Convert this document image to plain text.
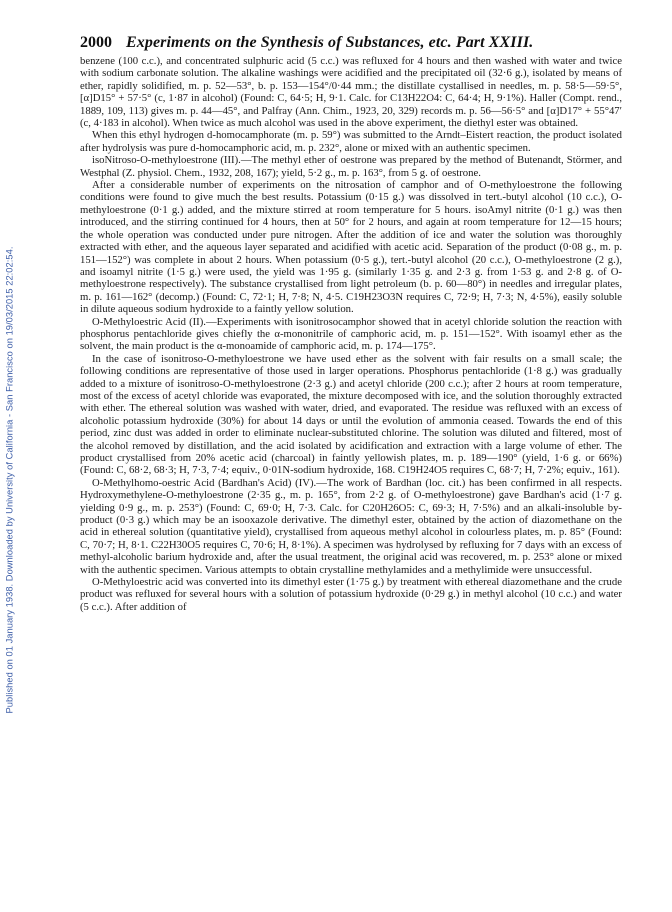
Published on 01 January 1938. Downloaded by University of California - San Francisco on 19/03/2015 22:02:54.
2000 Experiments on the Synthesis of Substances, etc. Part XXIII.

benzene (100 c.c.), and concentrated sulphuric acid (5 c.c.) was refluxed for 4 hours and then washed with water and twice with sodium carbonate solution. The alkaline washings were acidified and the precipitated oil (32·6 g.), isolated by means of ether, rapidly solidified, m. p. 52—53°, b. p. 153—154°/0·44 mm.; the distillate cystallised in needles, m. p. 58·5—59·5°, [α]D15° + 57·5° (c, 1·87 in alcohol) (Found: C, 64·5; H, 9·1. Calc. for C13H22O4: C, 64·4; H, 9·1%). Haller (Compt. rend., 1889, 109, 113) gives m. p. 44—45°, and Palfray (Ann. Chim., 1923, 20, 329) records m. p. 56—56·5° and [α]D17° + 55°47′ (c, 4·183 in alcohol). When twice as much alcohol was used in the above experiment, the diethyl ester was obtained.

When this ethyl hydrogen d-homocamphorate (m. p. 59°) was submitted to the Arndt–Eistert reaction, the product isolated after hydrolysis was pure d-homocamphoric acid, m. p. 232°, alone or mixed with an authentic specimen.

isoNitroso-O-methyloestrone (III).—The methyl ether of oestrone was prepared by the method of Butenandt, Störmer, and Westphal (Z. physiol. Chem., 1932, 208, 167); yield, 5·2 g., m. p. 163°, from 5 g. of oestrone.

After a considerable number of experiments on the nitrosation of camphor and of O-methyloestrone the following conditions were found to give much the best results. Potassium (0·15 g.) was dissolved in tert.-butyl alcohol (10 c.c.), O-methyloestrone (0·1 g.) added, and the mixture stirred at room temperature for 5 hours. isoAmyl nitrite (0·1 g.) was then introduced, and the stirring continued for 4 hours, then at 50° for 2 hours, and again at room temperature for 12—15 hours; the whole operation was conducted under pure nitrogen. After the addition of ice and water the solution was thoroughly extracted with ether, and the aqueous layer separated and acidified with acetic acid. Separation of the product (0·08 g., m. p. 151—152°) was complete in about 2 hours. When potassium (0·5 g.), tert.-butyl alcohol (20 c.c.), O-methyloestrone (2 g.), and isoamyl nitrite (1·5 g.) were used, the yield was 1·95 g. (similarly 1·35 g. and 2·3 g. from 1·53 g. and 2·8 g. of O-methyloestrone respectively). The substance crystallised from light petroleum (b. p. 60—80°) in needles and irregular plates, m. p. 161—162° (decomp.) (Found: C, 72·1; H, 7·8; N, 4·5. C19H23O3N requires C, 72·9; H, 7·3; N, 4·5%), easily soluble in dilute aqueous sodium hydroxide to a faintly yellow solution.

O-Methyloestric Acid (II).—Experiments with isonitrosocamphor showed that in acetyl chloride solution the reaction with phosphorus pentachloride gives chiefly the α-mononitrile of camphoric acid, m. p. 151—152°. With isoamyl ether as the solvent, the main product is the α-monoamide of camphoric acid, m. p. 174—175°.

In the case of isonitroso-O-methyloestrone we have used ether as the solvent with fair results on a small scale; the following conditions are representative of those used in larger operations. Phosphorus pentachloride (1·8 g.) was gradually added to a mixture of isonitroso-O-methyloestrone (2·3 g.) and acetyl chloride (200 c.c.); after 2 hours at room temperature, most of the excess of acetyl chloride was evaporated, the mixture decomposed with ice, and the solution thoroughly extracted with ether. The ethereal solution was washed with water, dried, and evaporated. The residue was refluxed with an excess of alcoholic potassium hydroxide (30%) for about 14 days or until the evolution of ammonia ceased. Towards the end of this period, zinc dust was added in order to eliminate nuclear-substituted chlorine. The solution was diluted and filtered, most of the alcohol removed by distillation, and the acid isolated by acidification and extraction with a large volume of ether. The product crystallised from 20% acetic acid (charcoal) in faintly yellowish plates, m. p. 189—190° (yield, 1·6 g. or 66%) (Found: C, 68·2, 68·3; H, 7·3, 7·4; equiv., 0·01N-sodium hydroxide, 168. C19H24O5 requires C, 68·7; H, 7·2%; equiv., 161).

O-Methylhomo-oestric Acid (Bardhan's Acid) (IV).—The work of Bardhan (loc. cit.) has been confirmed in all respects. Hydroxymethylene-O-methyloestrone (2·35 g., m. p. 165°, from 2·2 g. of O-methyloestrone) gave Bardhan's acid (1·7 g. yielding 0·9 g., m. p. 253°) (Found: C, 69·0; H, 7·3. Calc. for C20H26O5: C, 69·3; H, 7·5%) and an alkali-insoluble by-product (0·3 g.) which may be an isooxazole derivative. The dimethyl ester, obtained by the action of diazomethane on the acid in ethereal solution (quantitative yield), crystallised from aqueous methyl alcohol in colourless plates, m. p. 85° (Found: C, 70·7; H, 8·1. C22H30O5 requires C, 70·6; H, 8·1%). A specimen was hydrolysed by refluxing for 7 days with an excess of methyl-alcoholic barium hydroxide and, after the usual treatment, the original acid was recovered, m. p. 253° alone or mixed with the authentic specimen. Various attempts to obtain crystalline methylamides and a methylimide were unsuccessful.

O-Methyloestric acid was converted into its dimethyl ester (1·75 g.) by treatment with ethereal diazomethane and the crude product was refluxed for several hours with a solution of potassium hydroxide (0·29 g.) in methyl alcohol (10 c.c.) and water (5 c.c.). After addition of
